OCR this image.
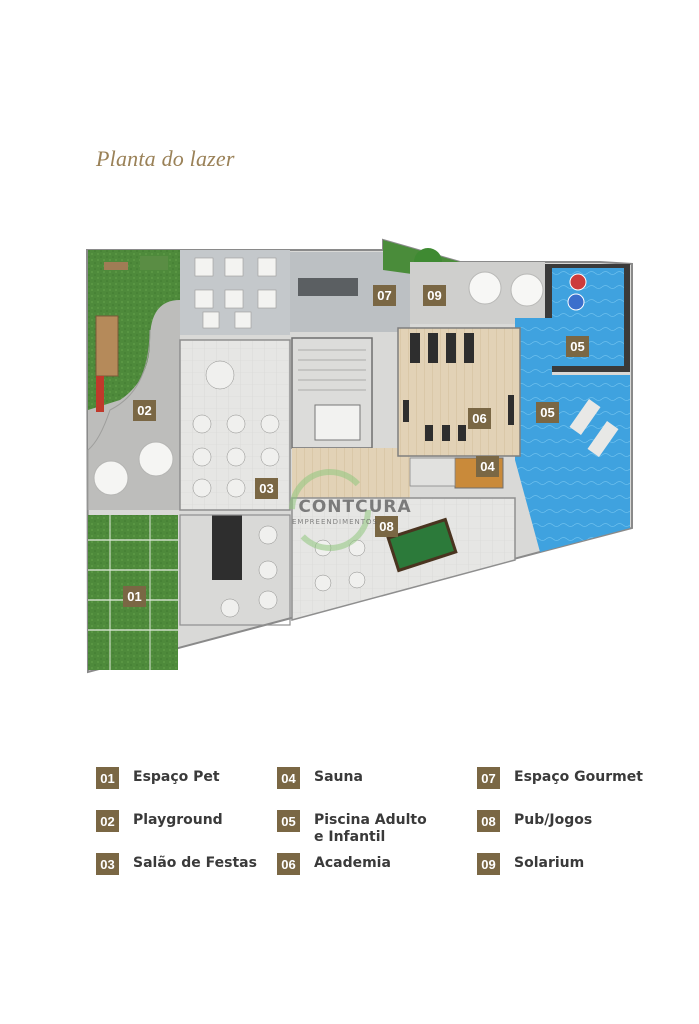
Planta do lazer
01
02
03
04
05
05
06
07
08
09
CONTCURA
EMPREENDIMENTOS
01	Espaço Pet
02	Playground
03	Salão de Festas
04	Sauna
05	Piscina Adulto
e Infantil
06	Academia
07	Espaço Gourmet
08	Pub/Jogos
09	Solarium
